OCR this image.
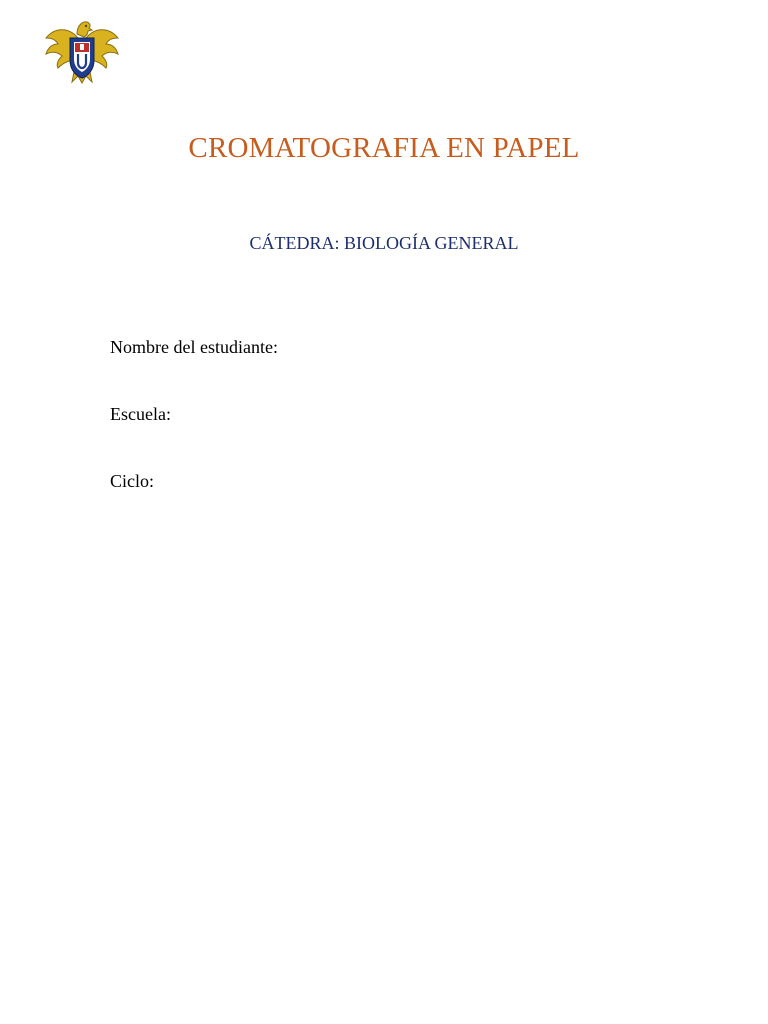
CROMATOGRAFIA EN PAPEL
CÁTEDRA: BIOLOGÍA GENERAL
Nombre del estudiante:
Escuela:
Ciclo:
